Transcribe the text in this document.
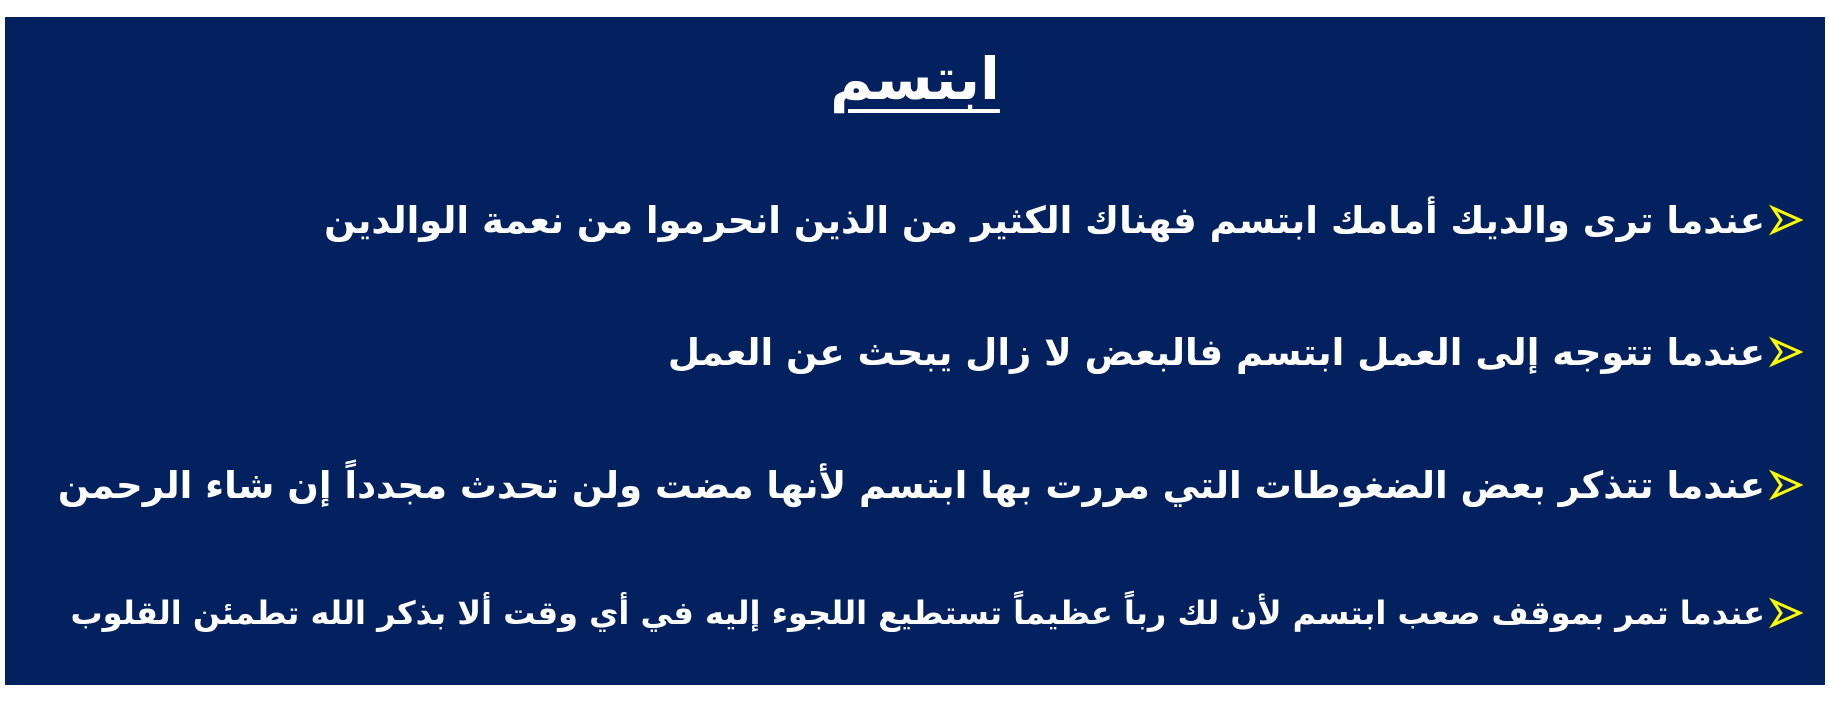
ابتسم
عندما ترى والديك أمامك ابتسم فهناك الكثير من الذين انحرموا من نعمة الوالدين
عندما تتوجه إلى العمل ابتسم فالبعض لا زال يبحث عن العمل
عندما تتذكر بعض الضغوطات التي مررت بها ابتسم لأنها مضت ولن تحدث مجدداً إن شاء الرحمن
عندما تمر بموقف صعب ابتسم لأن لك رباً عظيماً تستطيع اللجوء إليه في أي وقت ألا بذكر الله تطمئن القلوب
